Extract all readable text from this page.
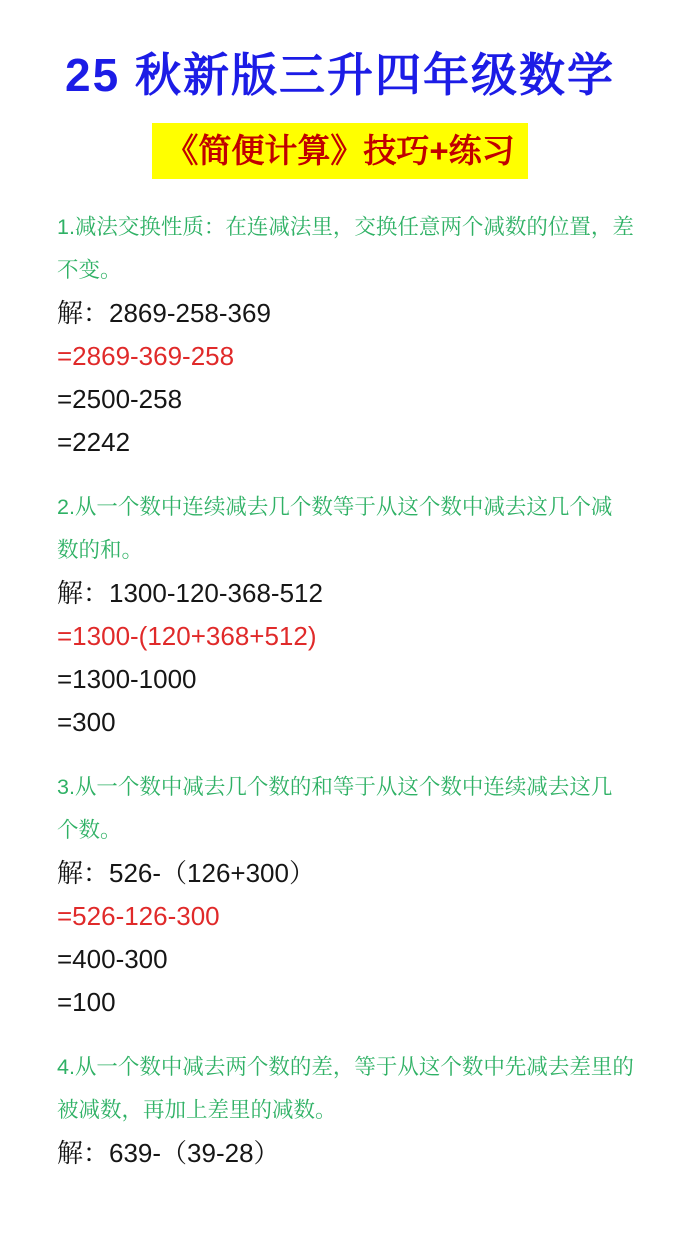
25 秋新版三升四年级数学
《简便计算》技巧+练习

1.减法交换性质：在连减法里，交换任意两个减数的位置，差

不变。

解：2869-258-369

=2869-369-258

=2500-258

=2242

2.从一个数中连续减去几个数等于从这个数中减去这几个减

数的和。

解：1300-120-368-512

=1300-(120+368+512)

=1300-1000

=300

3.从一个数中减去几个数的和等于从这个数中连续减去这几

个数。

解：526-（126+300）

=526-126-300

=400-300

=100

4.从一个数中减去两个数的差，等于从这个数中先减去差里的

被减数，再加上差里的减数。

解：639-（39-28）
